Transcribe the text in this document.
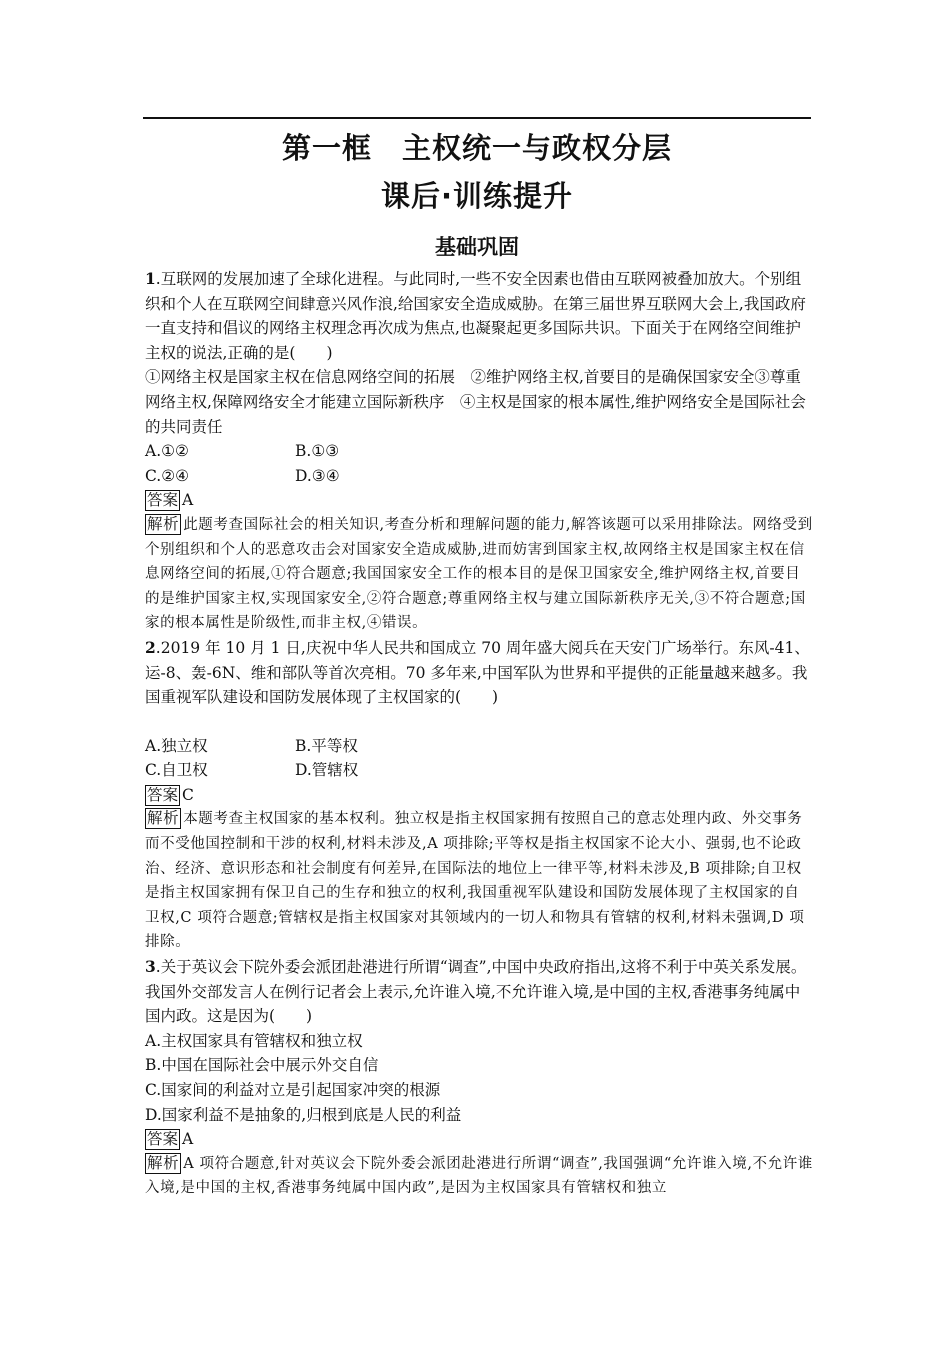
第一框　主权统一与政权分层
课后·训练提升
基础巩固

1.互联网的发展加速了全球化进程。与此同时,一些不安全因素也借由互联网被叠加放大。个别组织和个人在互联网空间肆意兴风作浪,给国家安全造成威胁。在第三届世界互联网大会上,我国政府一直支持和倡议的网络主权理念再次成为焦点,也凝聚起更多国际共识。下面关于在网络空间维护主权的说法,正确的是(　　)

①网络主权是国家主权在信息网络空间的拓展　②维护网络主权,首要目的是确保国家安全③尊重网络主权,保障网络安全才能建立国际新秩序　④主权是国家的根本属性,维护网络安全是国际社会的共同责任

A.①②	B.①③
C.②④	D.③④
答案 A

解析 此题考查国际社会的相关知识,考查分析和理解问题的能力,解答该题可以采用排除法。网络受到个别组织和个人的恶意攻击会对国家安全造成威胁,进而妨害到国家主权,故网络主权是国家主权在信息网络空间的拓展,①符合题意;我国国家安全工作的根本目的是保卫国家安全,维护网络主权,首要目的是维护国家主权,实现国家安全,②符合题意;尊重网络主权与建立国际新秩序无关,③不符合题意;国家的根本属性是阶级性,而非主权,④错误。

2.2019 年 10 月 1 日,庆祝中华人民共和国成立 70 周年盛大阅兵在天安门广场举行。东风-41、运-8、轰-6N、维和部队等首次亮相。70 多年来,中国军队为世界和平提供的正能量越来越多。我国重视军队建设和国防发展体现了主权国家的(　　)

A.独立权	B.平等权
C.自卫权	D.管辖权
答案 C

解析 本题考查主权国家的基本权利。独立权是指主权国家拥有按照自己的意志处理内政、外交事务而不受他国控制和干涉的权利,材料未涉及,A 项排除;平等权是指主权国家不论大小、强弱,也不论政治、经济、意识形态和社会制度有何差异,在国际法的地位上一律平等,材料未涉及,B 项排除;自卫权是指主权国家拥有保卫自己的生存和独立的权利,我国重视军队建设和国防发展体现了主权国家的自卫权,C 项符合题意;管辖权是指主权国家对其领域内的一切人和物具有管辖的权利,材料未强调,D 项排除。

3.关于英议会下院外委会派团赴港进行所谓“调查”,中国中央政府指出,这将不利于中英关系发展。我国外交部发言人在例行记者会上表示,允许谁入境,不允许谁入境,是中国的主权,香港事务纯属中国内政。这是因为(　　)

A.主权国家具有管辖权和独立权

B.中国在国际社会中展示外交自信

C.国家间的利益对立是引起国家冲突的根源

D.国家利益不是抽象的,归根到底是人民的利益

答案 A

解析 A 项符合题意,针对英议会下院外委会派团赴港进行所谓“调查”,我国强调“允许谁入境,不允许谁入境,是中国的主权,香港事务纯属中国内政”,是因为主权国家具有管辖权和独立
